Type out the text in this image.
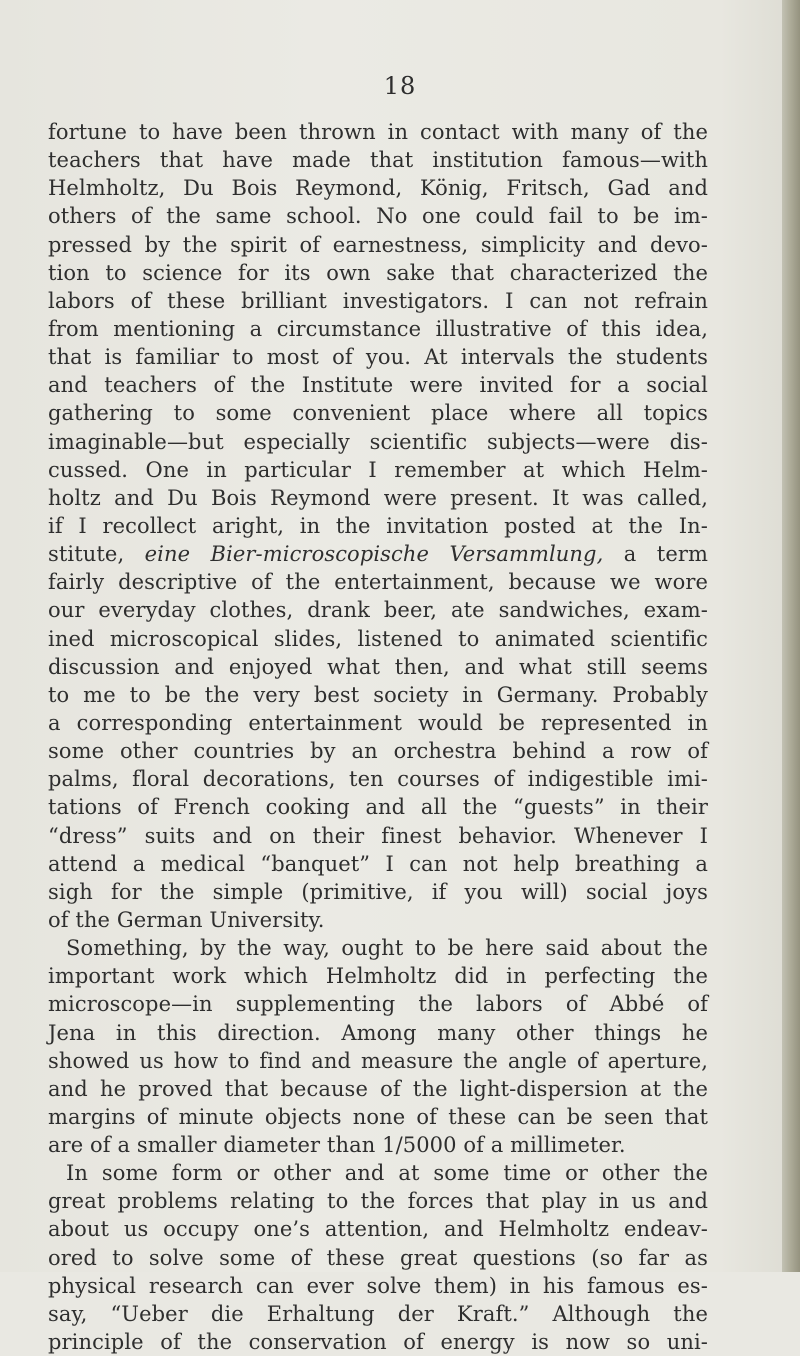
18
fortune to have been thrown in contact with many of the
teachers that have made that institution famous—with
Helmholtz, Du Bois Reymond, König, Fritsch, Gad and
others of the same school. No one could fail to be im-
pressed by the spirit of earnestness, simplicity and devo-
tion to science for its own sake that characterized the
labors of these brilliant investigators. I can not refrain
from mentioning a circumstance illustrative of this idea,
that is familiar to most of you. At intervals the students
and teachers of the Institute were invited for a social
gathering to some convenient place where all topics
imaginable—but especially scientific subjects—were dis-
cussed. One in particular I remember at which Helm-
holtz and Du Bois Reymond were present. It was called,
if I recollect aright, in the invitation posted at the In-
stitute, eine Bier-microscopische Versammlung, a term
fairly descriptive of the entertainment, because we wore
our everyday clothes, drank beer, ate sandwiches, exam-
ined microscopical slides, listened to animated scientific
discussion and enjoyed what then, and what still seems
to me to be the very best society in Germany. Probably
a corresponding entertainment would be represented in
some other countries by an orchestra behind a row of
palms, floral decorations, ten courses of indigestible imi-
tations of French cooking and all the “guests” in their
“dress” suits and on their finest behavior. Whenever I
attend a medical “banquet” I can not help breathing a
sigh for the simple (primitive, if you will) social joys
of the German University.
Something, by the way, ought to be here said about the
important work which Helmholtz did in perfecting the
microscope—in supplementing the labors of Abbé of
Jena in this direction. Among many other things he
showed us how to find and measure the angle of aperture,
and he proved that because of the light-dispersion at the
margins of minute objects none of these can be seen that
are of a smaller diameter than 1/5000 of a millimeter.
In some form or other and at some time or other the
great problems relating to the forces that play in us and
about us occupy one’s attention, and Helmholtz endeav-
ored to solve some of these great questions (so far as
physical research can ever solve them) in his famous es-
say, “Ueber die Erhaltung der Kraft.” Although the
principle of the conservation of energy is now so uni-
